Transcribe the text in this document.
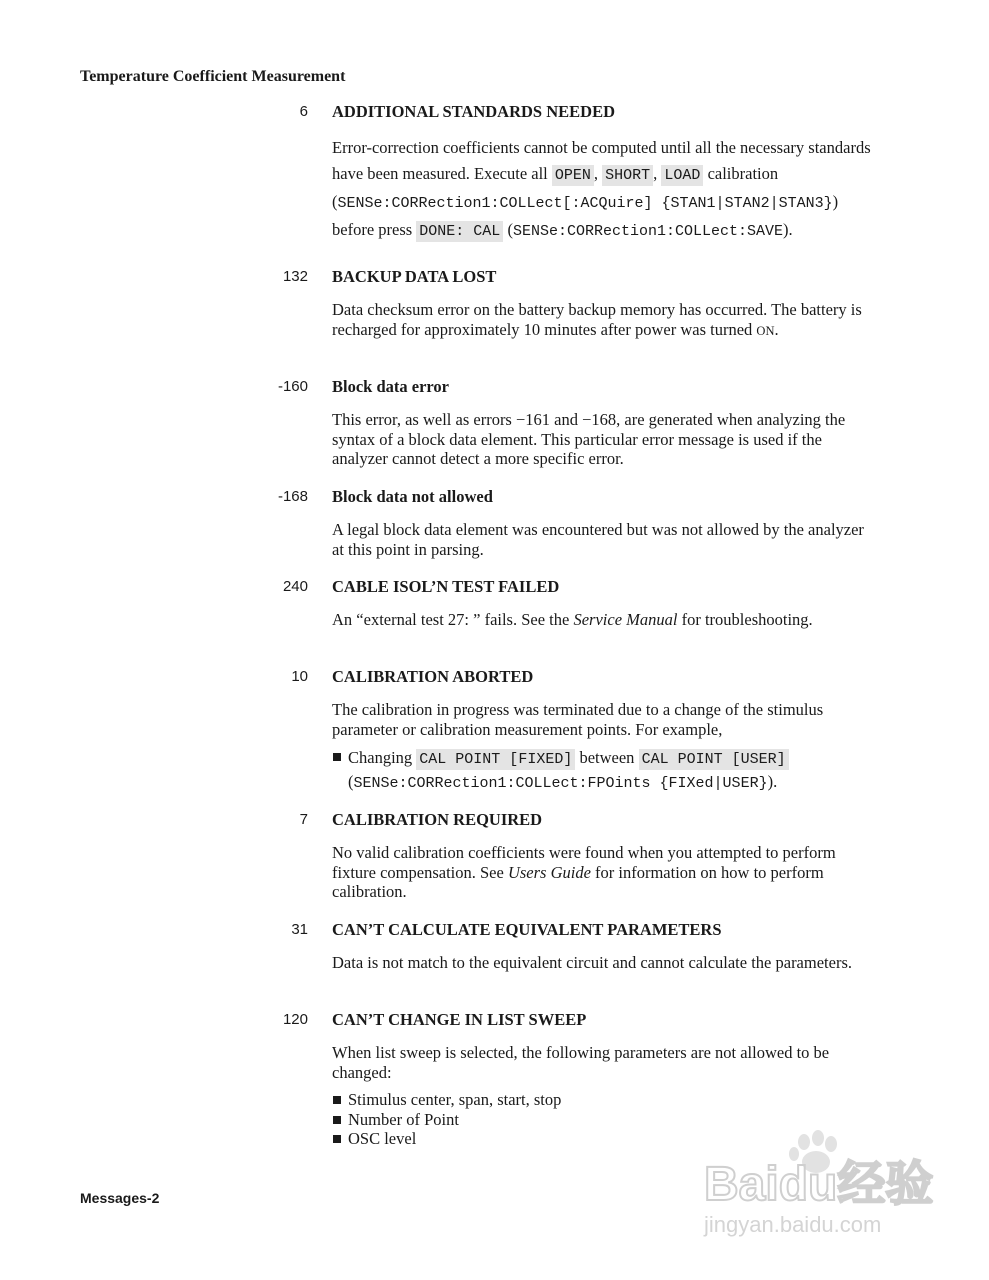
Temperature Coefficient Measurement
6 ADDITIONAL STANDARDS NEEDED

Error-correction coefficients cannot be computed until all the necessary standards have been measured. Execute all OPEN , SHORT , LOAD calibration (SENSe:CORRection1:COLLect[:ACQuire] {STAN1|STAN2|STAN3}) before press DONE: CAL (SENSe:CORRection1:COLLect:SAVE).

132 BACKUP DATA LOST

Data checksum error on the battery backup memory has occurred. The battery is recharged for approximately 10 minutes after power was turned ON.

-160 Block data error

This error, as well as errors −161 and −168, are generated when analyzing the syntax of a block data element. This particular error message is used if the analyzer cannot detect a more specific error.

-168 Block data not allowed

A legal block data element was encountered but was not allowed by the analyzer at this point in parsing.

240 CABLE ISOL’N TEST FAILED

An “external test 27: ” fails. See the Service Manual for troubleshooting.

10 CALIBRATION ABORTED

The calibration in progress was terminated due to a change of the stimulus parameter or calibration measurement points. For example,

Changing CAL POINT [FIXED] between CAL POINT [USER]
(SENSe:CORRection1:COLLect:FPOints {FIXed|USER}).
7 CALIBRATION REQUIRED

No valid calibration coefficients were found when you attempted to perform fixture compensation. See Users Guide for information on how to perform calibration.

31 CAN’T CALCULATE EQUIVALENT PARAMETERS

Data is not match to the equivalent circuit and cannot calculate the parameters.

120 CAN’T CHANGE IN LIST SWEEP

When list sweep is selected, the following parameters are not allowed to be changed:

Stimulus center, span, start, stop
Number of Point
OSC level
Messages-2	Baidu经验
jingyan.baidu.com
